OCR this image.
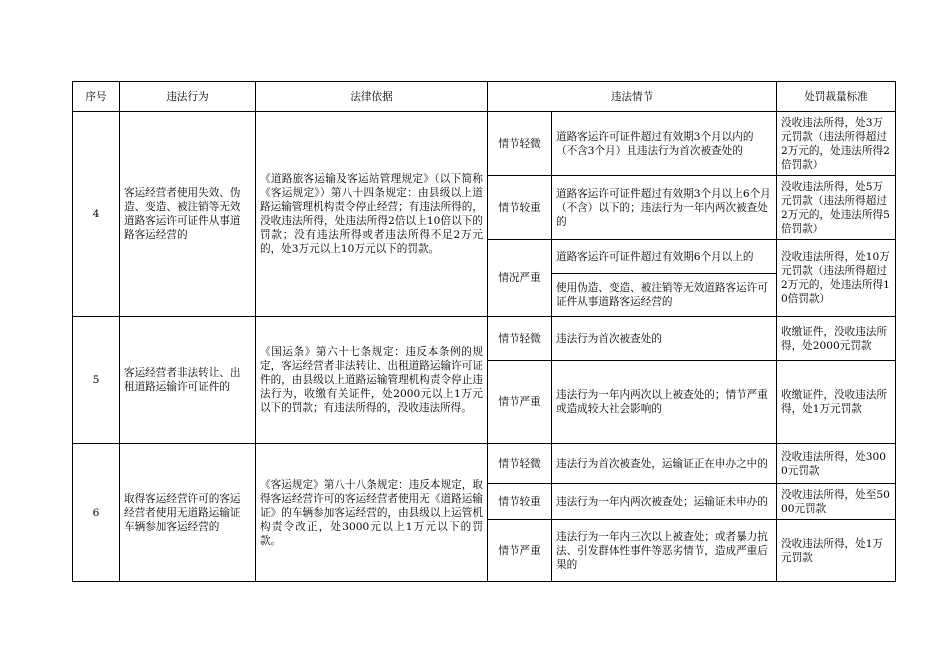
序号	违法行为	法律依据	违法情节		处罚裁量标准
4	客运经营者使用失效、伪造、变造、被注销等无效道路客运许可证件从事道路客运经营的	《道路旅客运输及客运站管理规定》（以下简称《客运规定》）第八十四条规定：由县级以上道路运输管理机构责令停止经营；有违法所得的，没收违法所得，处违法所得2倍以上10倍以下的罚款；没有违法所得或者违法所得不足2万元的，处3万元以上10万元以下的罚款。	情节轻微	道路客运许可证件超过有效期3个月以内的（不含3个月）且违法行为首次被查处的	没收违法所得，处3万元罚款（违法所得超过2万元的，处违法所得2倍罚款）
			情节较重	道路客运许可证件超过有效期3个月以上6个月（不含）以下的；违法行为一年内两次被查处的	没收违法所得，处5万元罚款（违法所得超过2万元的，处违法所得5倍罚款）
			情况严重	道路客运许可证件超过有效期6个月以上的	没收违法所得，处10万元罚款（违法所得超过2万元的，处违法所得10倍罚款）
				使用伪造、变造、被注销等无效道路客运许可证件从事道路客运经营的	
5	客运经营者非法转让、出租道路运输许可证件的	《国运条》第六十七条规定：违反本条例的规定，客运经营者非法转让、出租道路运输许可证件的，由县级以上道路运输管理机构责令停止违法行为，收缴有关证件，处2000元以上1万元以下的罚款；有违法所得的，没收违法所得。	情节轻微	违法行为首次被查处的	收缴证件，没收违法所得，处2000元罚款
			情节严重	违法行为一年内两次以上被查处的；情节严重或造成较大社会影响的	收缴证件，没收违法所得，处1万元罚款
6	取得客运经营许可的客运经营者使用无道路运输证车辆参加客运经营的	《客运规定》第八十八条规定：违反本规定，取得客运经营许可的客运经营者使用无《道路运输证》的车辆参加客运经营的，由县级以上运管机构责令改正，处3000元以上1万元以下的罚款。	情节轻微	违法行为首次被查处，运输证正在申办之中的	没收违法所得，处3000元罚款
			情节较重	违法行为一年内两次被查处；运输证未申办的	没收违法所得，处至5000元罚款
			情节严重	违法行为一年内三次以上被查处；或者暴力抗法、引发群体性事件等恶劣情节，造成严重后果的	没收违法所得，处1万元罚款
